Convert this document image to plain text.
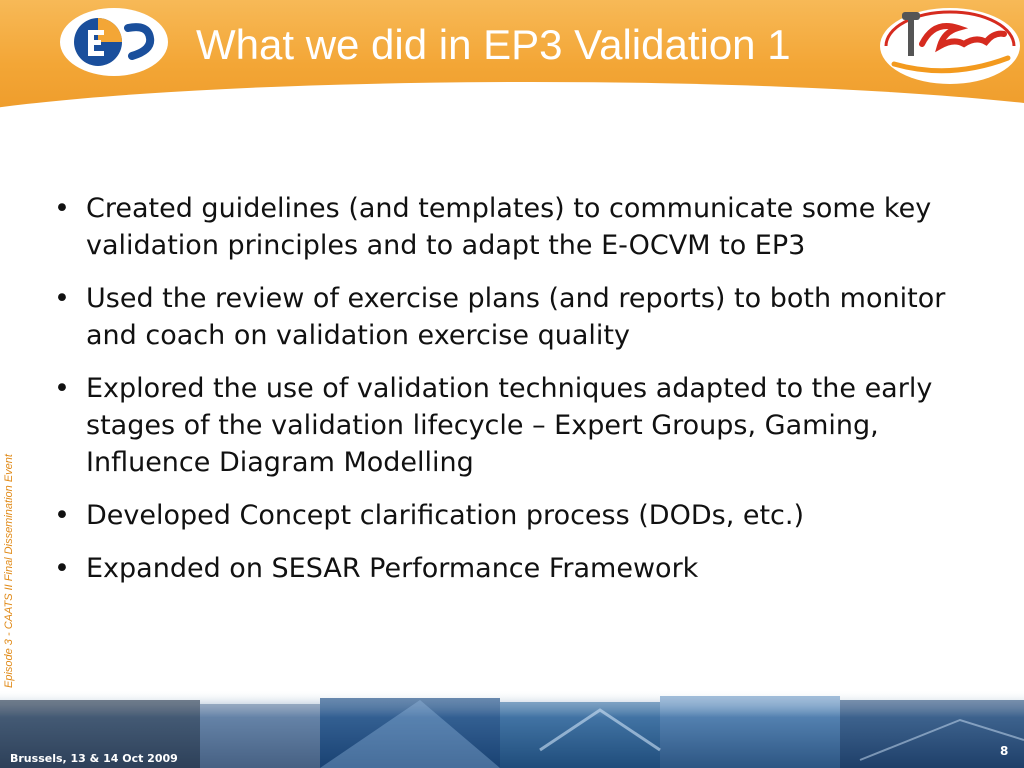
What we did in EP3 Validation 1
Episode 3 - CAATS II Final Dissemination Event
• Created guidelines (and templates) to communicate some key validation principles and to adapt the E-OCVM to EP3
• Used the review of exercise plans (and reports) to both monitor and coach on validation exercise quality
• Explored the use of validation techniques adapted to the early stages of the validation lifecycle – Expert Groups, Gaming, Influence Diagram Modelling
• Developed Concept clarification process (DODs, etc.)
• Expanded on SESAR Performance Framework
Brussels, 13 & 14 Oct 2009
8
